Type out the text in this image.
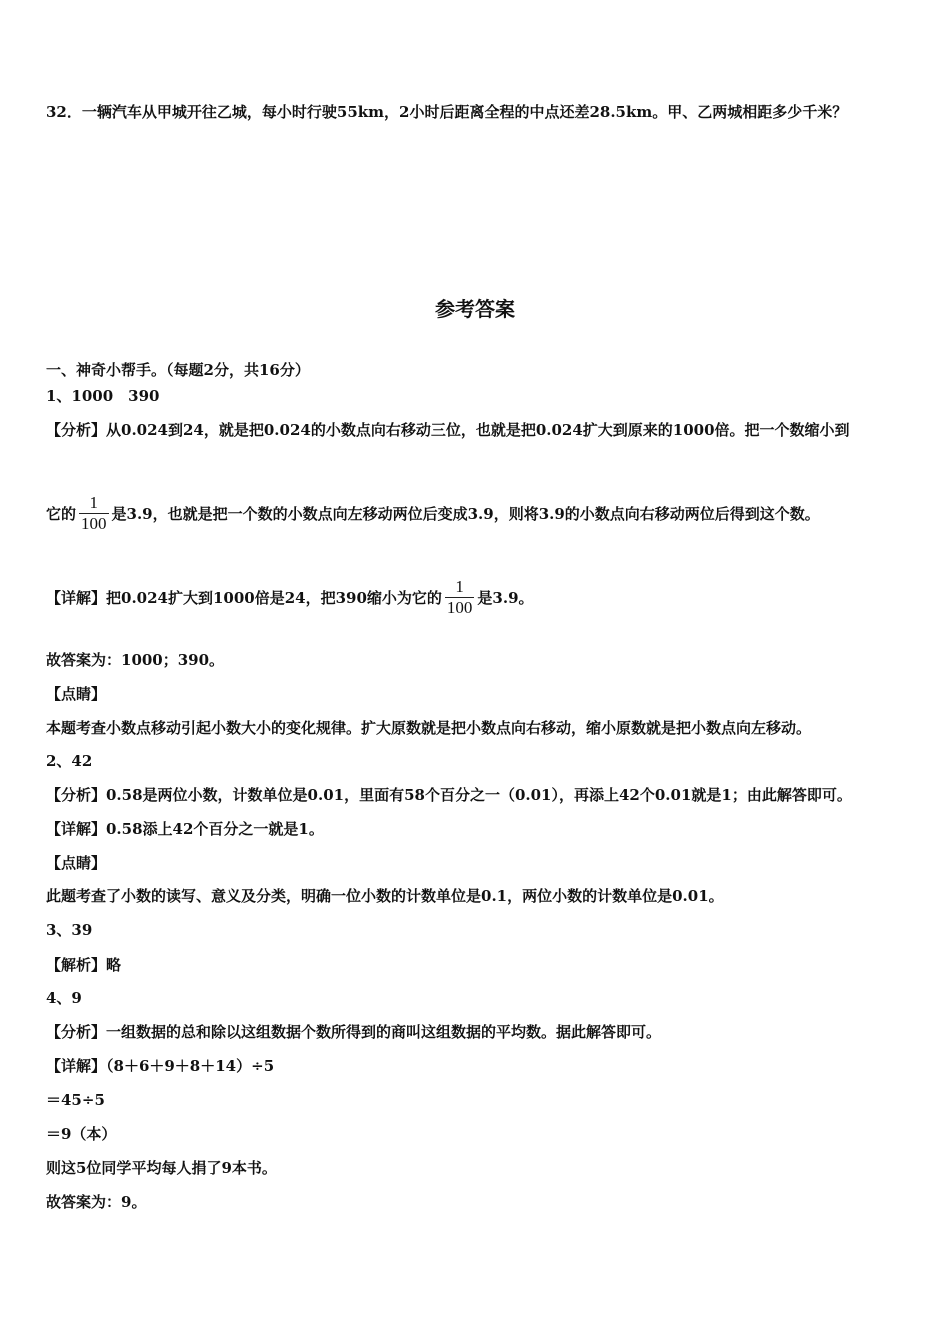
32．一辆汽车从甲城开往乙城，每小时行驶55km，2小时后距离全程的中点还差28.5km。甲、乙两城相距多少千米？
参考答案
一、神奇小帮手。（每题2分，共16分）
1、1000　390
【分析】从0.024到24，就是把0.024的小数点向右移动三位，也就是把0.024扩大到原来的1000倍。把一个数缩小到
它的 $\frac{1}{100}$ 是3.9，也就是把一个数的小数点向左移动两位后变成3.9，则将3.9的小数点向右移动两位后得到这个数。
【详解】把0.024扩大到1000倍是24，把390缩小为它的 $\frac{1}{100}$ 是3.9。
故答案为：1000；390。
【点睛】
本题考查小数点移动引起小数大小的变化规律。扩大原数就是把小数点向右移动，缩小原数就是把小数点向左移动。
2、42
【分析】0.58是两位小数，计数单位是0.01，里面有58个百分之一（0.01），再添上42个0.01就是1；由此解答即可。
【详解】0.58添上42个百分之一就是1。
【点睛】
此题考查了小数的读写、意义及分类，明确一位小数的计数单位是0.1，两位小数的计数单位是0.01。
3、39
【解析】略
4、9
【分析】一组数据的总和除以这组数据个数所得到的商叫这组数据的平均数。据此解答即可。
【详解】（8＋6＋9＋8＋14）÷5
＝45÷5
＝9（本）
则这5位同学平均每人捐了9本书。
故答案为：9。
